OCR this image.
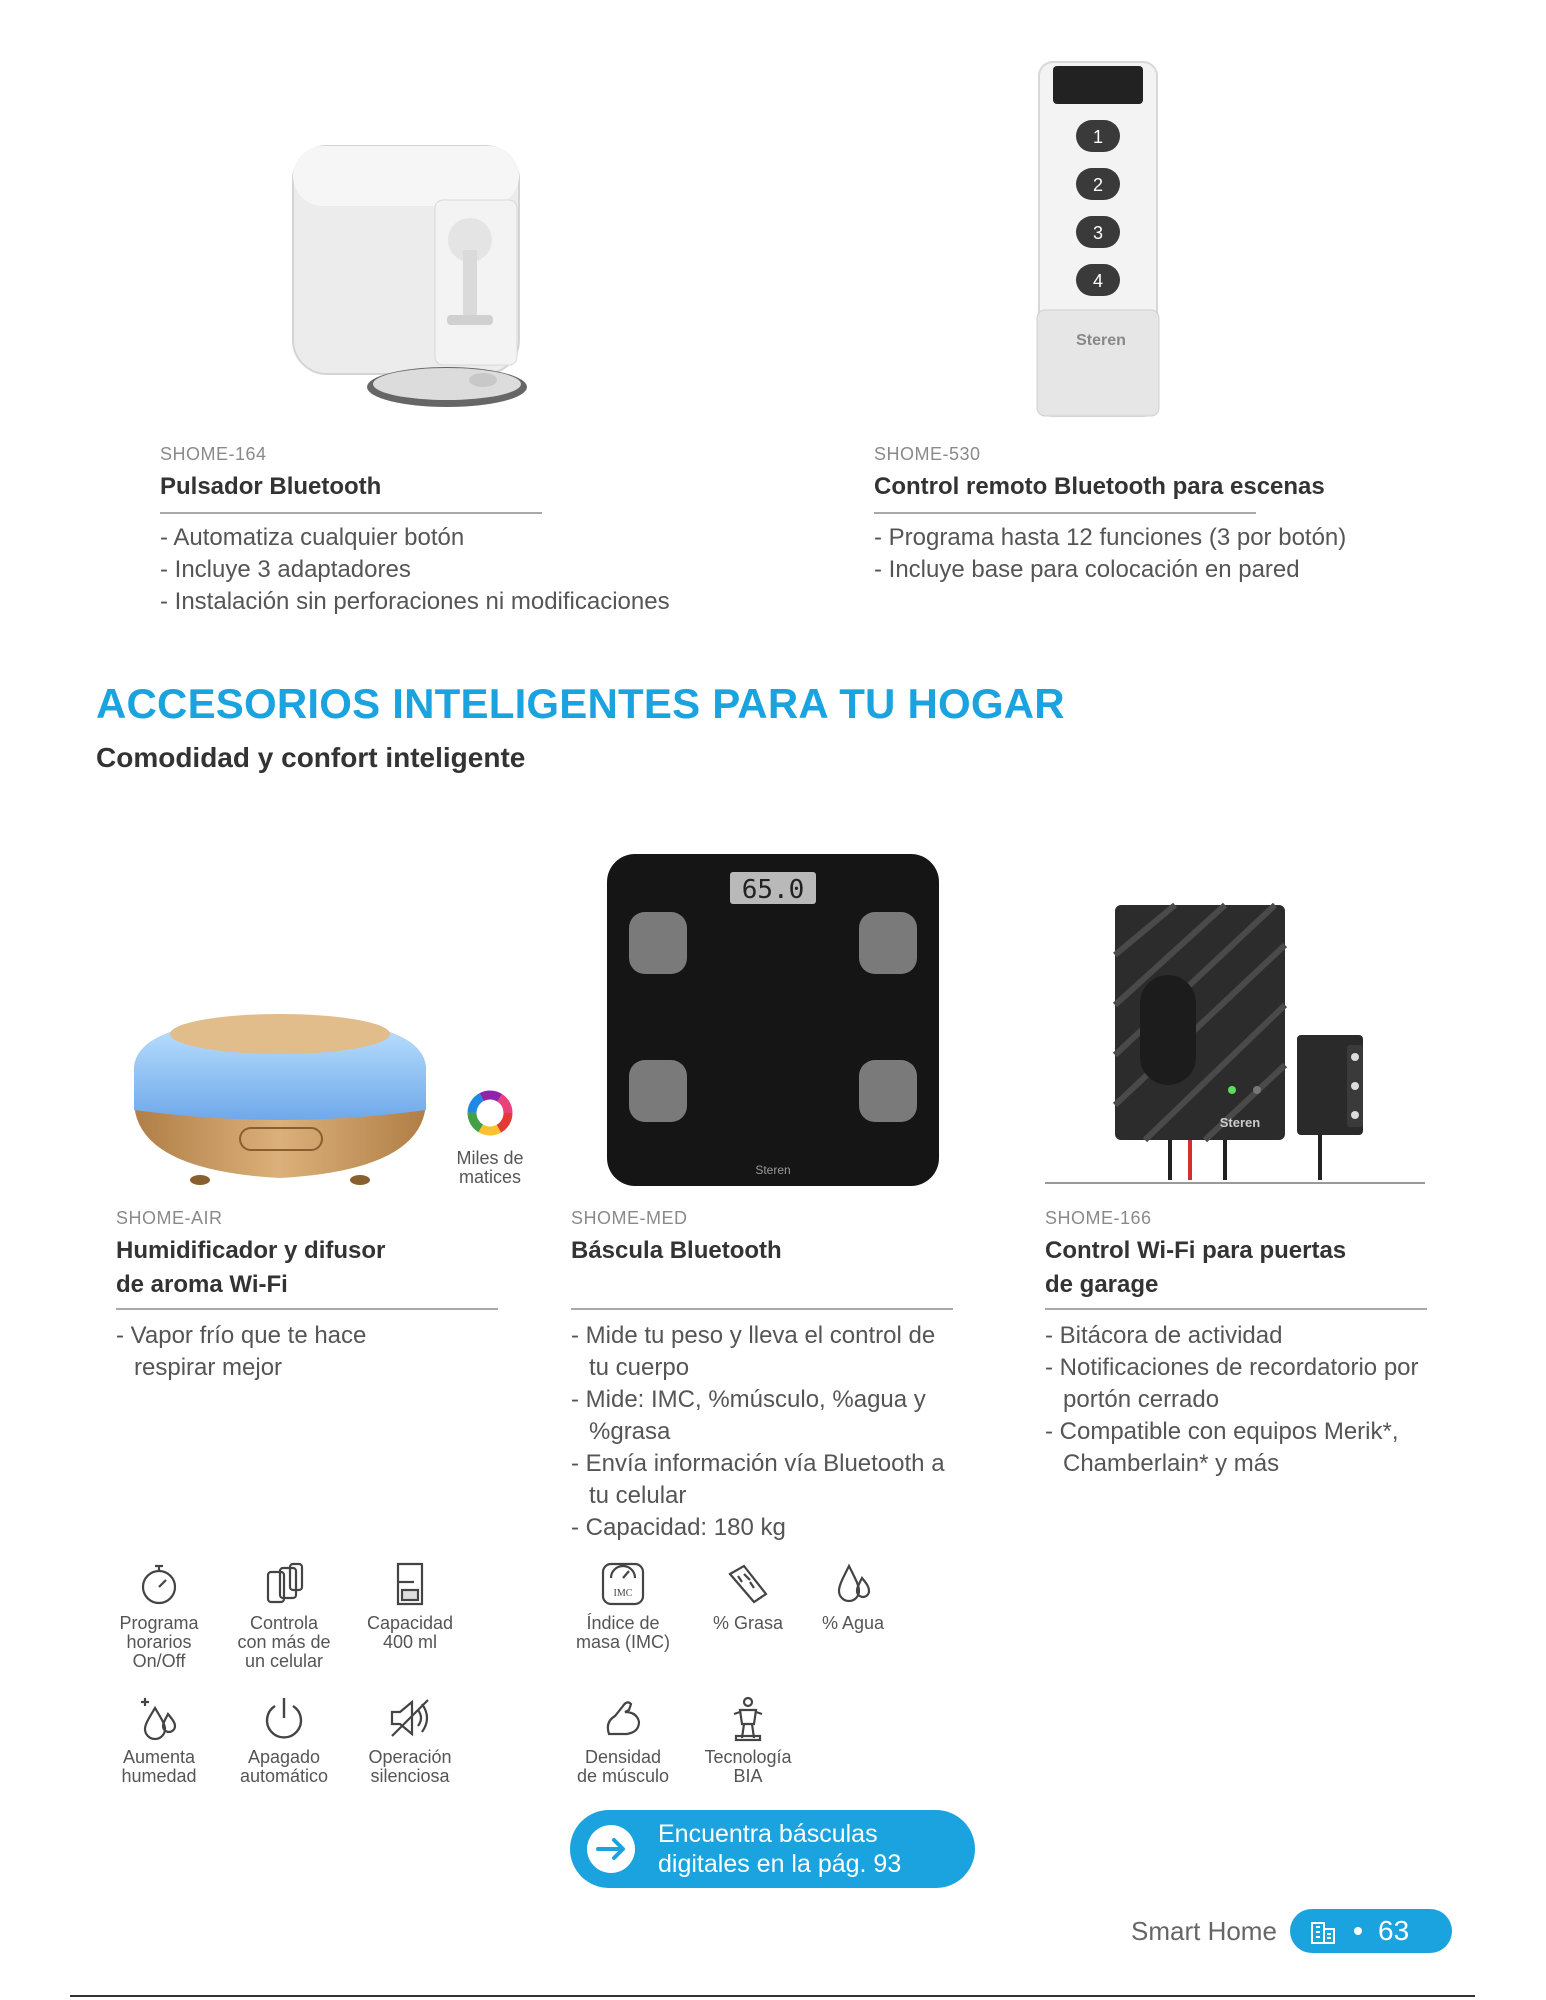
1
2
3
4
Steren
SHOME-164
Pulsador Bluetooth
- Automatiza cualquier botón
- Incluye 3 adaptadores
- Instalación sin perforaciones ni modificaciones
SHOME-530
Control remoto Bluetooth para escenas
- Programa hasta 12 funciones (3 por botón)
- Incluye base para colocación en pared
ACCESORIOS INTELIGENTES PARA TU HOGAR
Comodidad y confort inteligente
Miles de
matices
SHOME-AIR
Humidificador y difusor
de aroma Wi-Fi
- Vapor frío que te hace respirar mejor
Programa
horarios
On/Off
Controla
con más de
un celular
Capacidad
400 ml
Aumenta
humedad
Apagado
automático
Operación
silenciosa
65.0
Steren
SHOME-MED
Báscula Bluetooth
- Mide tu peso y lleva el control de tu cuerpo
- Mide: IMC, %músculo, %agua y %grasa
- Envía información vía Bluetooth a tu celular
- Capacidad: 180 kg
IMC
Índice de
masa (IMC)
% Grasa	% Agua
Densidad
de músculo
Tecnología
BIA
Encuentra básculas
digitales en la pág. 93
Steren
SHOME-166
Control Wi-Fi para puertas
de garage
- Bitácora de actividad
- Notificaciones de recordatorio por portón cerrado
- Compatible con equipos Merik*, Chamberlain* y más
Smart Home	63
